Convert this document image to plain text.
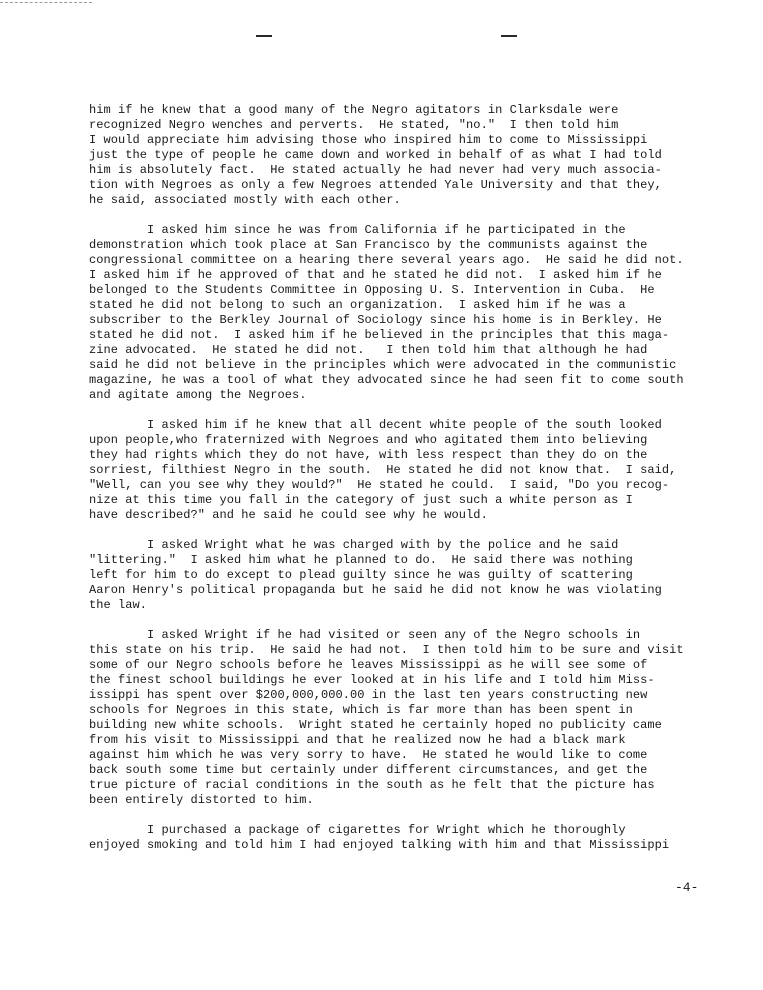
him if he knew that a good many of the Negro agitators in Clarksdale were
recognized Negro wenches and perverts.  He stated, "no."  I then told him
I would appreciate him advising those who inspired him to come to Mississippi
just the type of people he came down and worked in behalf of as what I had told
him is absolutely fact.  He stated actually he had never had very much associa-
tion with Negroes as only a few Negroes attended Yale University and that they,
he said, associated mostly with each other.
I asked him since he was from California if he participated in the
demonstration which took place at San Francisco by the communists against the
congressional committee on a hearing there several years ago.  He said he did not.
I asked him if he approved of that and he stated he did not.  I asked him if he
belonged to the Students Committee in Opposing U. S. Intervention in Cuba.  He
stated he did not belong to such an organization.  I asked him if he was a
subscriber to the Berkley Journal of Sociology since his home is in Berkley. He
stated he did not.  I asked him if he believed in the principles that this maga-
zine advocated.  He stated he did not.   I then told him that although he had
said he did not believe in the principles which were advocated in the communistic
magazine, he was a tool of what they advocated since he had seen fit to come south
and agitate among the Negroes.
I asked him if he knew that all decent white people of the south looked
upon people,who fraternized with Negroes and who agitated them into believing
they had rights which they do not have, with less respect than they do on the
sorriest, filthiest Negro in the south.  He stated he did not know that.  I said,
"Well, can you see why they would?"  He stated he could.  I said, "Do you recog-
nize at this time you fall in the category of just such a white person as I
have described?" and he said he could see why he would.
I asked Wright what he was charged with by the police and he said
"littering."  I asked him what he planned to do.  He said there was nothing
left for him to do except to plead guilty since he was guilty of scattering
Aaron Henry's political propaganda but he said he did not know he was violating
the law.
I asked Wright if he had visited or seen any of the Negro schools in
this state on his trip.  He said he had not.  I then told him to be sure and visit
some of our Negro schools before he leaves Mississippi as he will see some of
the finest school buildings he ever looked at in his life and I told him Miss-
issippi has spent over $200,000,000.00 in the last ten years constructing new
schools for Negroes in this state, which is far more than has been spent in
building new white schools.  Wright stated he certainly hoped no publicity came
from his visit to Mississippi and that he realized now he had a black mark
against him which he was very sorry to have.  He stated he would like to come
back south some time but certainly under different circumstances, and get the
true picture of racial conditions in the south as he felt that the picture has
been entirely distorted to him.
I purchased a package of cigarettes for Wright which he thoroughly
enjoyed smoking and told him I had enjoyed talking with him and that Mississippi
-4-
